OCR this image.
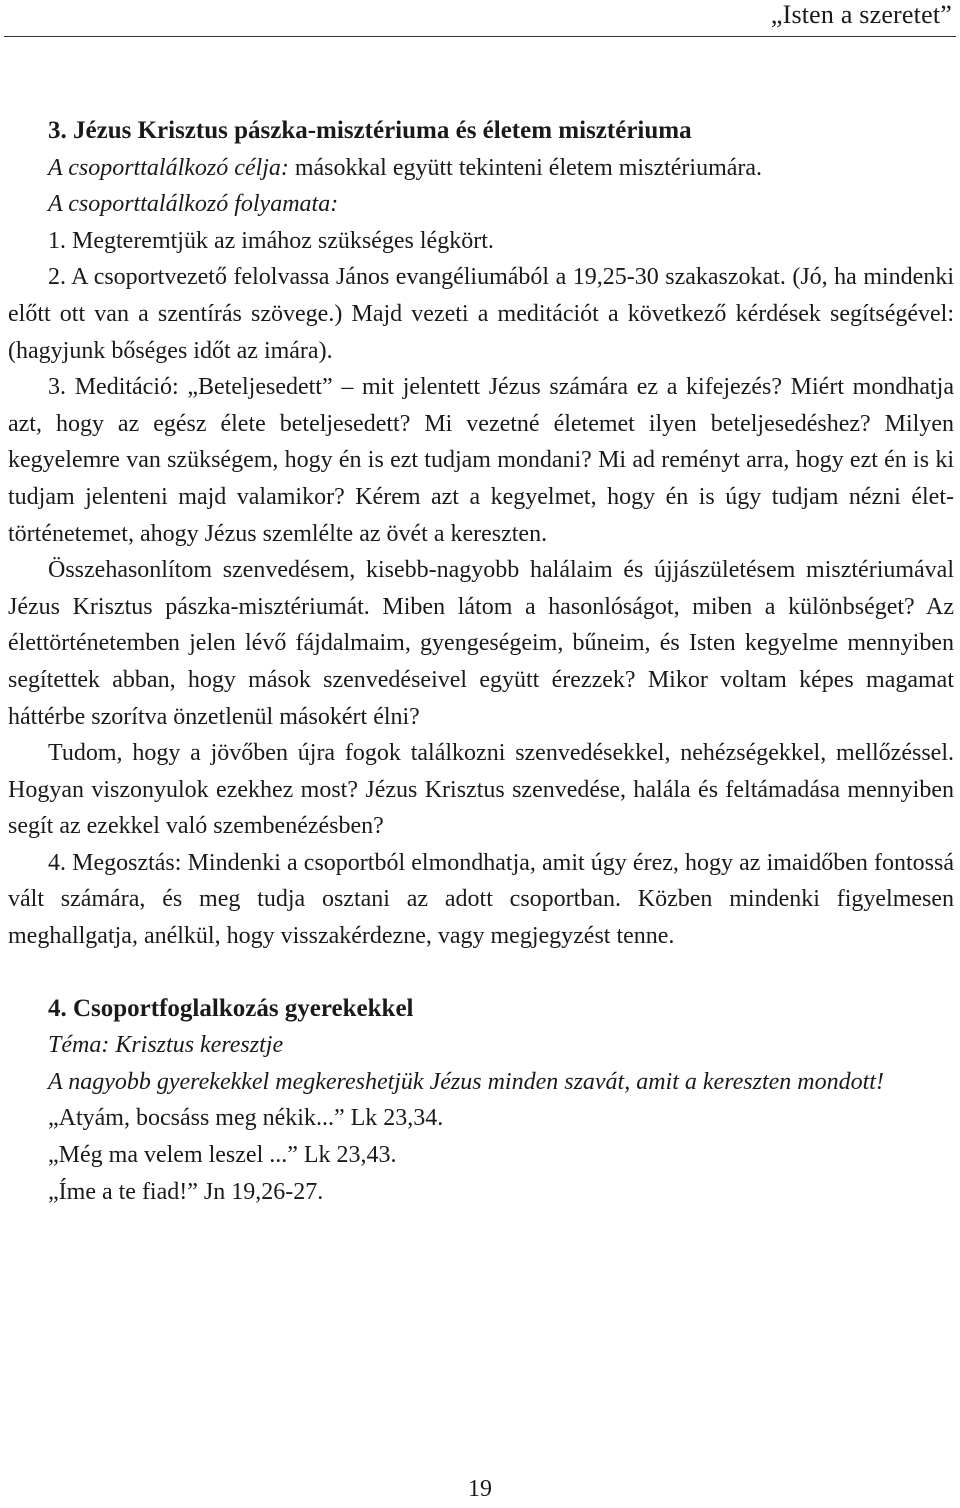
„Isten a szeretet”

3. Jézus Krisztus pászka-misztériuma és életem misztériuma

A csoporttalálkozó célja: másokkal együtt tekinteni életem misztériumára.

A csoporttalálkozó folyamata:

1. Megteremtjük az imához szükséges légkört.

2. A csoportvezető felolvassa János evangéliumából a 19,25-30 szakaszokat. (Jó, ha mindenki előtt ott van a szentírás szövege.) Majd vezeti a meditációt a következő kérdések segítségével: (hagyjunk bőséges időt az imára).

3. Meditáció: „Beteljesedett” – mit jelentett Jézus számára ez a kifejezés? Miért mondhatja azt, hogy az egész élete beteljesedett? Mi vezetné életemet ilyen beteljesedéshez? Milyen kegyelemre van szükségem, hogy én is ezt tudjam mondani? Mi ad reményt arra, hogy ezt én is ki tudjam jelenteni majd valamikor? Kérem azt a kegyelmet, hogy én is úgy tudjam nézni élettörténetemet, ahogy Jézus szemlélte az övét a kereszten.

Összehasonlítom szenvedésem, kisebb-nagyobb halálaim és újjászületésem misztériumával Jézus Krisztus pászka-misztériumát. Miben látom a hasonlóságot, miben a különbséget? Az élettörténetemben jelen lévő fájdalmaim, gyengeségeim, bűneim, és Isten kegyelme mennyiben segítettek abban, hogy mások szenvedéseivel együtt érezzek? Mikor voltam képes magamat háttérbe szorítva önzetlenül másokért élni?

Tudom, hogy a jövőben újra fogok találkozni szenvedésekkel, nehézségekkel, mellőzéssel. Hogyan viszonyulok ezekhez most? Jézus Krisztus szenvedése, halála és feltámadása mennyiben segít az ezekkel való szembenézésben?

4. Megosztás: Mindenki a csoportból elmondhatja, amit úgy érez, hogy az imaidőben fontossá vált számára, és meg tudja osztani az adott csoportban. Közben mindenki figyelmesen meghallgatja, anélkül, hogy visszakérdezne, vagy megjegyzést tenne.

4. Csoportfoglalkozás gyerekekkel

Téma: Krisztus keresztje

A nagyobb gyerekekkel megkereshetjük Jézus minden szavát, amit a kereszten mondott!

„Atyám, bocsáss meg nékik...” Lk 23,34.

„Még ma velem leszel ...” Lk 23,43.

„Íme a te fiad!” Jn 19,26-27.

19
